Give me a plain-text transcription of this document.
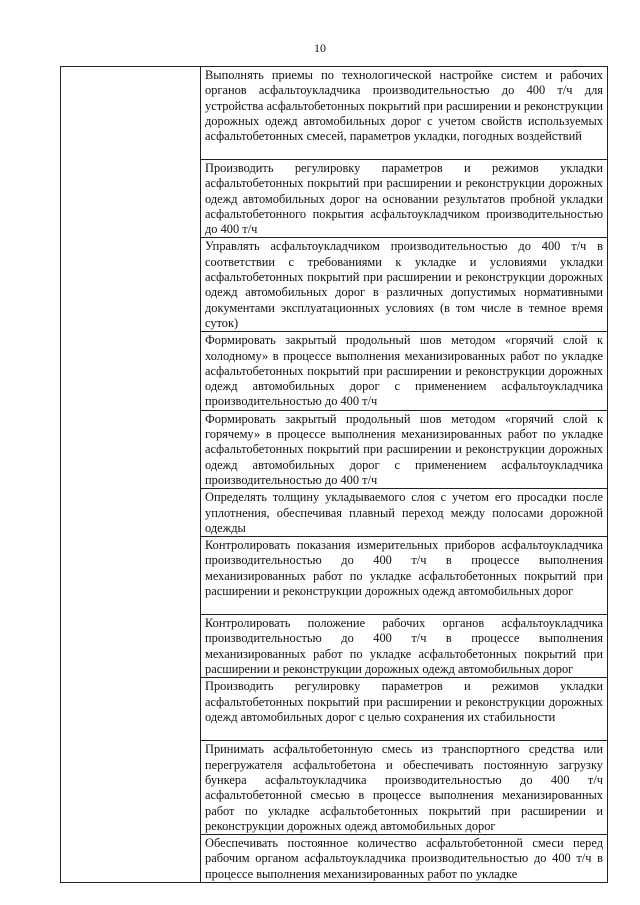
10

Выполнять приемы по технологической настройке систем и рабочих органов асфальтоукладчика производительностью до 400 т/ч для устройства асфальтобетонных покрытий при расширении и реконструкции дорожных одежд автомобильных дорог с учетом свойств используемых асфальтобетонных смесей, параметров укладки, погодных воздействий

Производить регулировку параметров и режимов укладки асфальтобетонных покрытий при расширении и реконструкции дорожных одежд автомобильных дорог на основании результатов пробной укладки асфальтобетонного покрытия асфальтоукладчиком производительностью до 400 т/ч

Управлять асфальтоукладчиком производительностью до 400 т/ч в соответствии с требованиями к укладке и условиями укладки асфальтобетонных покрытий при расширении и реконструкции дорожных одежд автомобильных дорог в различных допустимых нормативными документами эксплуатационных условиях (в том числе в темное время суток)

Формировать закрытый продольный шов методом «горячий слой к холодному» в процессе выполнения механизированных работ по укладке асфальтобетонных покрытий при расширении и реконструкции дорожных одежд автомобильных дорог с применением асфальтоукладчика производительностью до 400 т/ч

Формировать закрытый продольный шов методом «горячий слой к горячему» в процессе выполнения механизированных работ по укладке асфальтобетонных покрытий при расширении и реконструкции дорожных одежд автомобильных дорог с применением асфальтоукладчика производительностью до 400 т/ч

Определять толщину укладываемого слоя с учетом его просадки после уплотнения, обеспечивая плавный переход между полосами дорожной одежды

Контролировать показания измерительных приборов асфальтоукладчика производительностью до 400 т/ч в процессе выполнения механизированных работ по укладке асфальтобетонных покрытий при расширении и реконструкции дорожных одежд автомобильных дорог

Контролировать положение рабочих органов асфальтоукладчика производительностью до 400 т/ч в процессе выполнения механизированных работ по укладке асфальтобетонных покрытий при расширении и реконструкции дорожных одежд автомобильных дорог

Производить регулировку параметров и режимов укладки асфальтобетонных покрытий при расширении и реконструкции дорожных одежд автомобильных дорог с целью сохранения их стабильности

Принимать асфальтобетонную смесь из транспортного средства или перегружателя асфальтобетона и обеспечивать постоянную загрузку бункера асфальтоукладчика производительностью до 400 т/ч асфальтобетонной смесью в процессе выполнения механизированных работ по укладке асфальтобетонных покрытий при расширении и реконструкции дорожных одежд автомобильных дорог

Обеспечивать постоянное количество асфальтобетонной смеси перед рабочим органом асфальтоукладчика производительностью до 400 т/ч в процессе выполнения механизированных работ по укладке
